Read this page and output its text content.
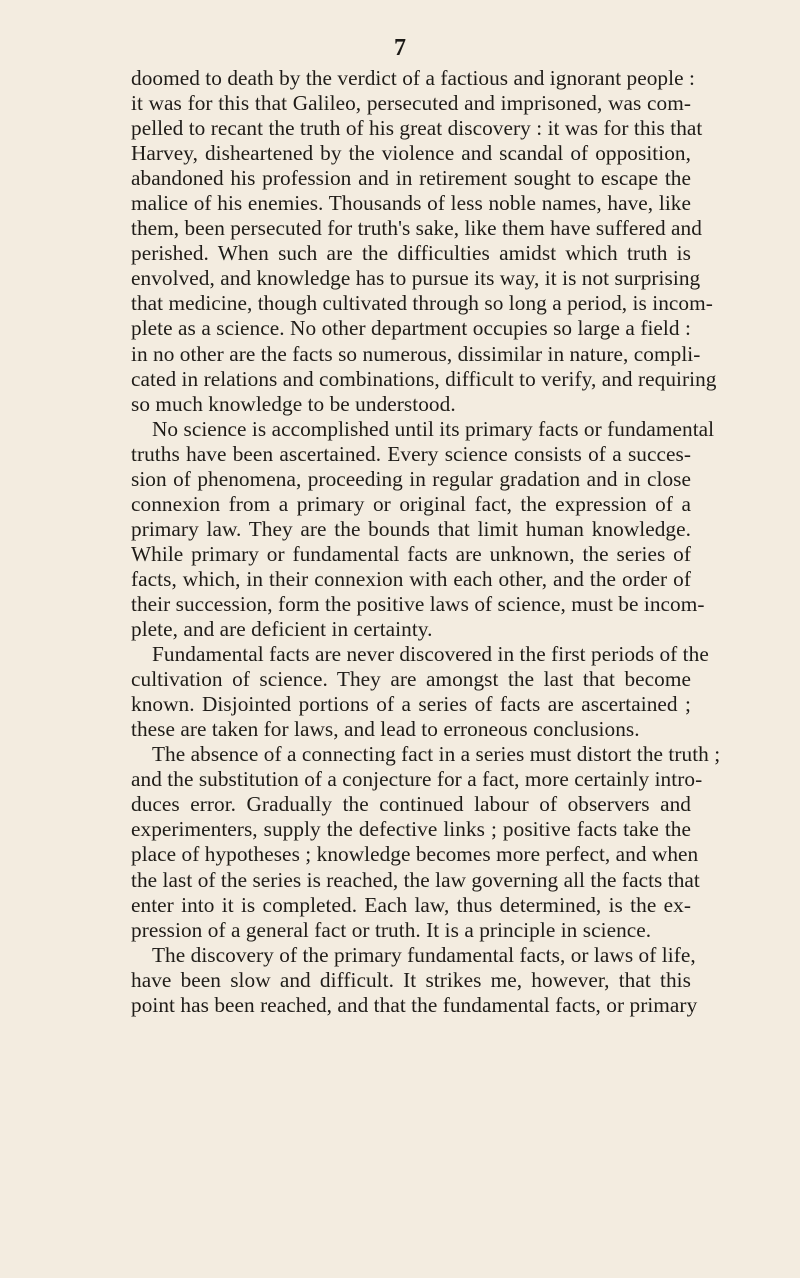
7
doomed to death by the verdict of a factious and ignorant people :
it was for this that Galileo, persecuted and imprisoned, was com-
pelled to recant the truth of his great discovery : it was for this that
Harvey, disheartened by the violence and scandal of opposition,
abandoned his profession and in retirement sought to escape the
malice of his enemies. Thousands of less noble names, have, like
them, been persecuted for truth's sake, like them have suffered and
perished. When such are the difficulties amidst which truth is
envolved, and knowledge has to pursue its way, it is not surprising
that medicine, though cultivated through so long a period, is incom-
plete as a science. No other department occupies so large a field :
in no other are the facts so numerous, dissimilar in nature, compli-
cated in relations and combinations, difficult to verify, and requiring
so much knowledge to be understood.
No science is accomplished until its primary facts or fundamental
truths have been ascertained. Every science consists of a succes-
sion of phenomena, proceeding in regular gradation and in close
connexion from a primary or original fact, the expression of a
primary law. They are the bounds that limit human knowledge.
While primary or fundamental facts are unknown, the series of
facts, which, in their connexion with each other, and the order of
their succession, form the positive laws of science, must be incom-
plete, and are deficient in certainty.
Fundamental facts are never discovered in the first periods of the
cultivation of science. They are amongst the last that become
known. Disjointed portions of a series of facts are ascertained ;
these are taken for laws, and lead to erroneous conclusions.
The absence of a connecting fact in a series must distort the truth ;
and the substitution of a conjecture for a fact, more certainly intro-
duces error. Gradually the continued labour of observers and
experimenters, supply the defective links ; positive facts take the
place of hypotheses ; knowledge becomes more perfect, and when
the last of the series is reached, the law governing all the facts that
enter into it is completed. Each law, thus determined, is the ex-
pression of a general fact or truth. It is a principle in science.
The discovery of the primary fundamental facts, or laws of life,
have been slow and difficult. It strikes me, however, that this
point has been reached, and that the fundamental facts, or primary
